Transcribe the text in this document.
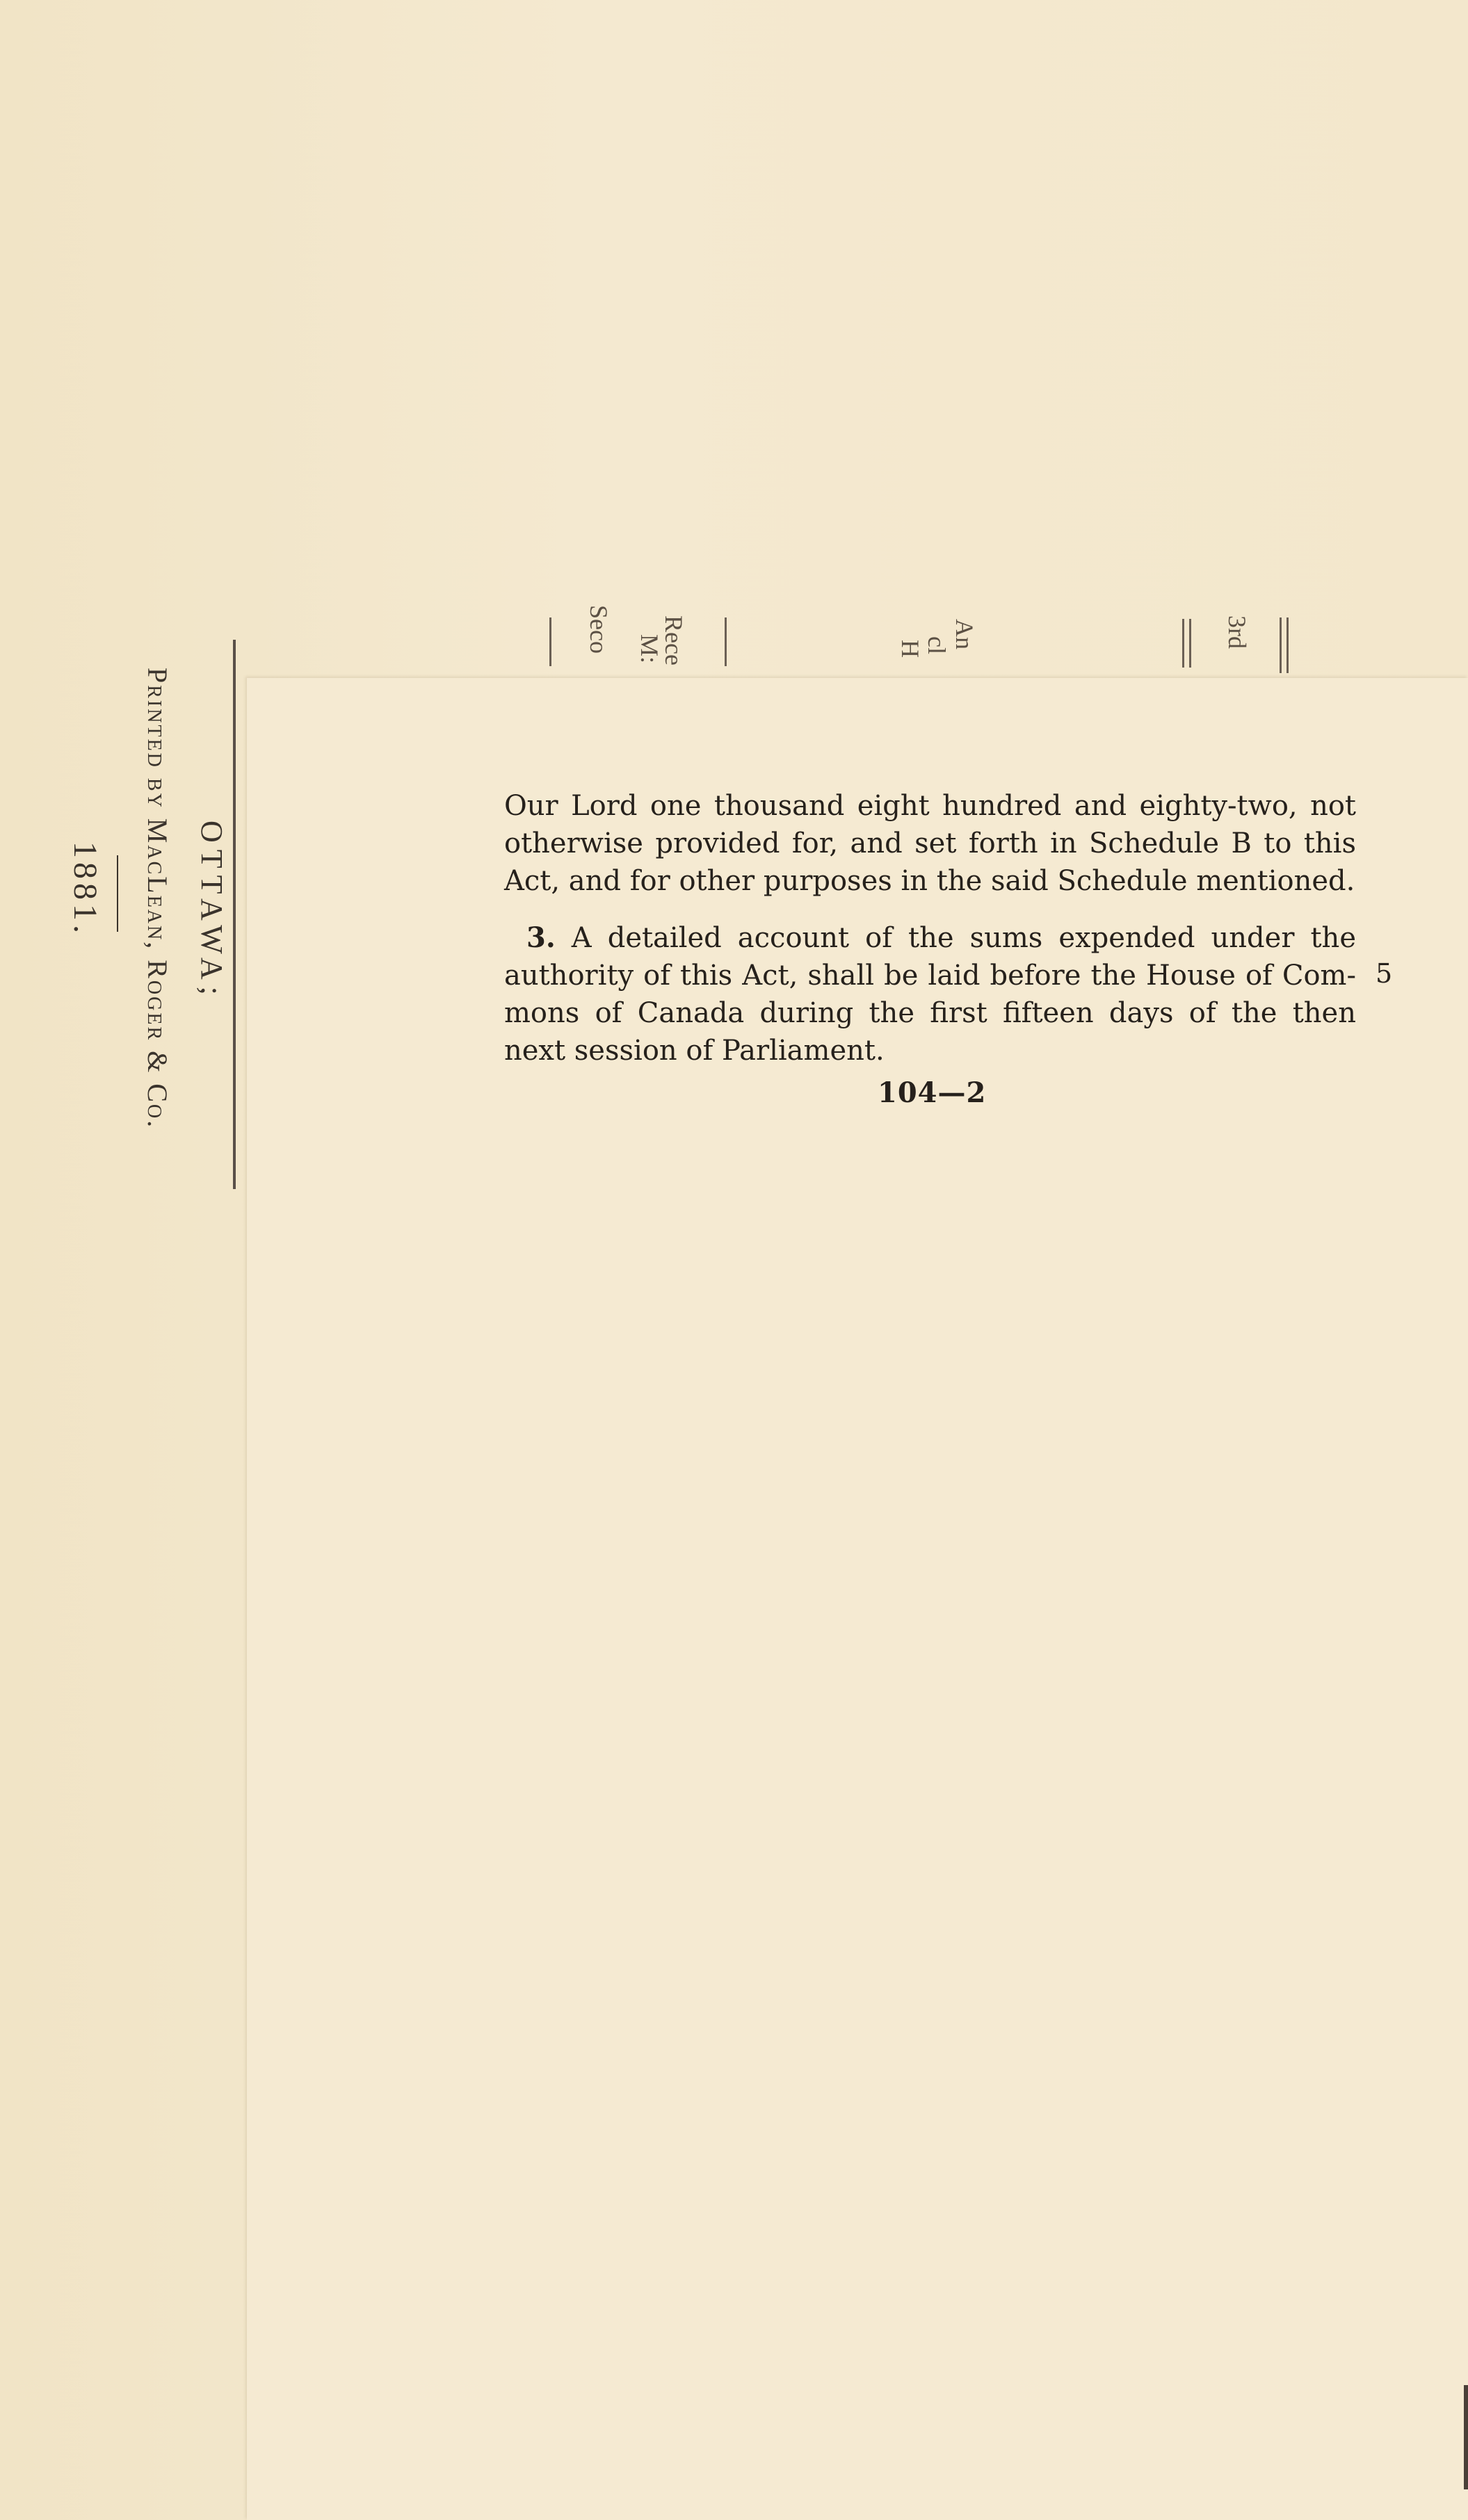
OTTAWA;
Printed by MacLean, Roger & Co.
1881.
Seco Rece
M:	An
cl
H	3rd
Our Lord one thousand eight hundred and eighty-two, not
otherwise provided for, and set forth in Schedule B to this
Act, and for other purposes in the said Schedule mentioned.
3. A detailed account of the sums expended under the
authority of this Act, shall be laid before the House of Com-
mons of Canada during the first fifteen days of the then
next session of Parliament.
5
104—2
